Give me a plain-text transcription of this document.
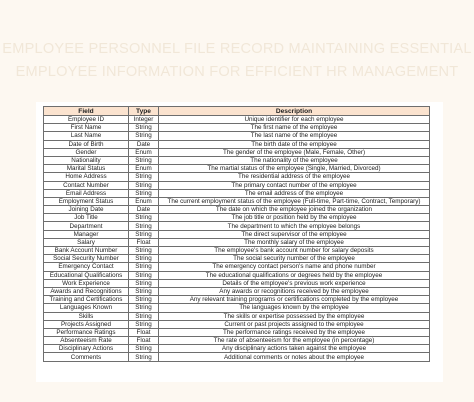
EMPLOYEE PERSONNEL FILE RECORD MAINTAINING ESSENTIAL
EMPLOYEE INFORMATION FOR EFFICIENT HR MANAGEMENT
Field	Type	Description
Employee ID	Integer	Unique identifier for each employee
First Name	String	The first name of the employee
Last Name	String	The last name of the employee
Date of Birth	Date	The birth date of the employee
Gender	Enum	The gender of the employee (Male, Female, Other)
Nationality	String	The nationality of the employee
Marital Status	Enum	The martial status of the employee (Single, Married, Divorced)
Home Address	String	The residential address of the employee
Contact Number	String	The primary contact number of the employee
Email Address	String	The email address of the employee
Employment Status	Enum	The current employment status of the employee (Full-time, Part-time, Contract, Temporary)
Joining Date	Date	The date on which the employee joined the organization
Job Title	String	The job title or position held by the employee
Department	String	The department to which the employee belongs
Manager	String	The direct supervisor of the employee
Salary	Float	The monthly salary of the employee
Bank Account Number	String	The employee's bank account number for salary deposits
Social Security Number	String	The social security number of the employee
Emergency Contact	String	The emergency contact person's name and phone number
Educational Qualifications	String	The educational qualifications or degrees held by the employee
Work Experience	String	Details of the employee's previous work experience
Awards and Recognitions	String	Any awards or recognitions received by the employee
Training and Certifications	String	Any relevant training programs or certifications completed by the employee
Languages Known	String	The languages known by the employee
Skills	String	The skills or expertise possessed by the employee
Projects Assigned	String	Current or past projects assigned to the employee
Performance Ratings	Float	The performance ratings received by the employee
Absenteeism Rate	Float	The rate of absenteeism for the employee (in percentage)
Disciplinary Actions	String	Any disciplinary actions taken against the employee
Comments	String	Additional comments or notes about the employee
